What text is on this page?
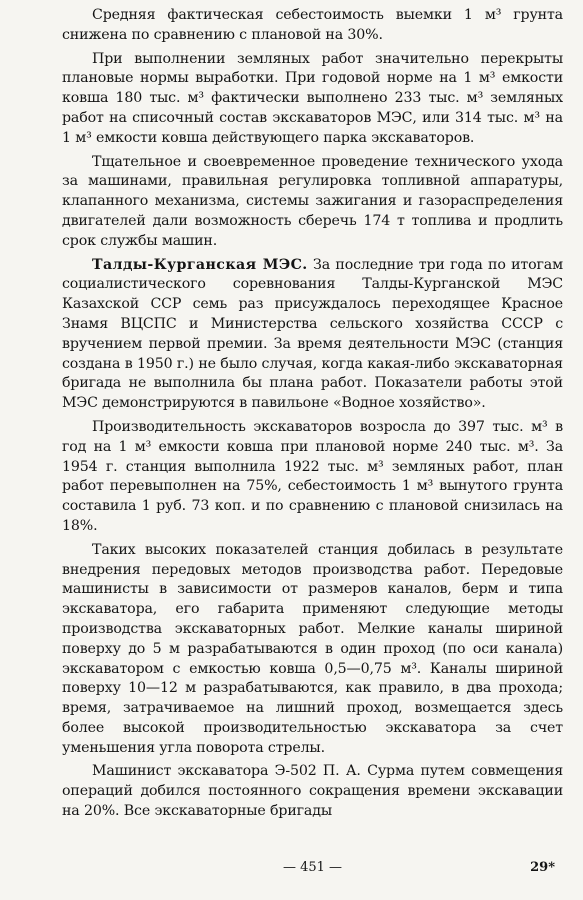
Средняя фактическая себестоимость выемки 1 м³ грунта снижена по сравнению с плановой на 30%.

При выполнении земляных работ значительно перекрыты плановые нормы выработки. При годовой норме на 1 м³ емкости ковша 180 тыс. м³ фактически выполнено 233 тыс. м³ земляных работ на списочный состав экскаваторов МЭС, или 314 тыс. м³ на 1 м³ емкости ковша действующего парка экскаваторов.

Тщательное и своевременное проведение технического ухода за машинами, правильная регулировка топливной аппаратуры, клапанного механизма, системы зажигания и газораспределения двигателей дали возможность сберечь 174 т топлива и продлить срок службы машин.

Талды-Курганская МЭС. За последние три года по итогам социалистического соревнования Талды-Курганской МЭС Казахской ССР семь раз присуждалось переходящее Красное Знамя ВЦСПС и Министерства сельского хозяйства СССР с вручением первой премии. За время деятельности МЭС (станция создана в 1950 г.) не было случая, когда какая-либо экскаваторная бригада не выполнила бы плана работ. Показатели работы этой МЭС демонстрируются в павильоне «Водное хозяйство».

Производительность экскаваторов возросла до 397 тыс. м³ в год на 1 м³ емкости ковша при плановой норме 240 тыс. м³. За 1954 г. станция выполнила 1922 тыс. м³ земляных работ, план работ перевыполнен на 75%, себестоимость 1 м³ вынутого грунта составила 1 руб. 73 коп. и по сравнению с плановой снизилась на 18%.

Таких высоких показателей станция добилась в результате внедрения передовых методов производства работ. Передовые машинисты в зависимости от размеров каналов, берм и типа экскаватора, его габарита применяют следующие методы производства экскаваторных работ. Мелкие каналы шириной поверху до 5 м разрабатываются в один проход (по оси канала) экскаватором с емкостью ковша 0,5—0,75 м³. Каналы шириной поверху 10—12 м разрабатываются, как правило, в два прохода; время, затрачиваемое на лишний проход, возмещается здесь более высокой производительностью экскаватора за счет уменьшения угла поворота стрелы.

Машинист экскаватора Э-502 П. А. Сурма путем совмещения операций добился постоянного сокращения времени экскавации на 20%. Все экскаваторные бригады

— 451 —	29*
